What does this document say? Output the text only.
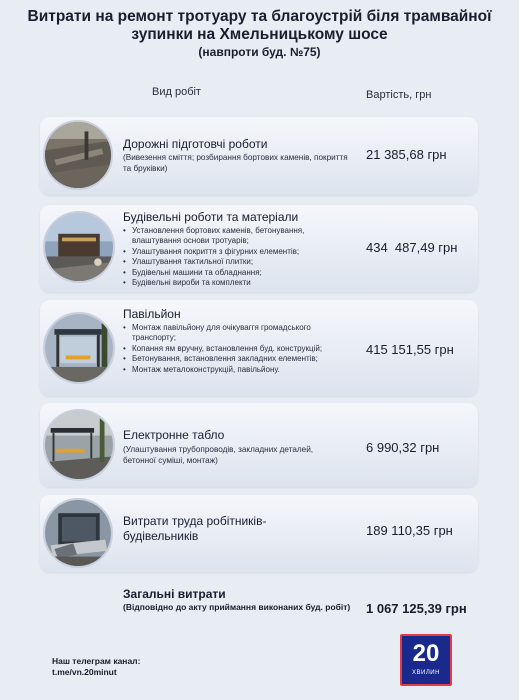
Витрати на ремонт тротуару та благоустрій біля трамвайної
зупинки на Хмельницькому шосе
(навпроти буд. №75)
Вид робіт	Вартість, грн
Дорожні підготовчі роботи
(Вивезення сміття; розбирання бортових каменів, покриття та бруківки)
21 385,68 грн
Будівельні роботи та матеріали
• Установлення бортових каменів, бетонування, влаштування основи тротуарів;
• Улаштування покриття з фігурних елементів;
• Улаштування тактильної плитки;
• Будівельні машини та обладнання;
• Будівельні вироби та комплекти
434  487,49 грн
Павільйон
• Монтаж павільйону для очікуваггя громадського транспорту;
• Копання ям вручну, встановлення буд. конструкцій;
• Бетонування, встановлення закладних елементів;
• Монтаж металоконструкцій, павільйону.
415 151,55 грн
Електронне табло
(Улаштування трубопроводів, закладних деталей, бетонної суміші, монтаж)
6 990,32 грн
Витрати труда робітників-будівельників	189 110,35 грн
Загальні витрати
(Відповідно до акту приймання виконаних буд. робіт) 1 067 125,39 грн
Наш телеграм канал:
t.me/vn.20minut
20
ХВИЛИН
